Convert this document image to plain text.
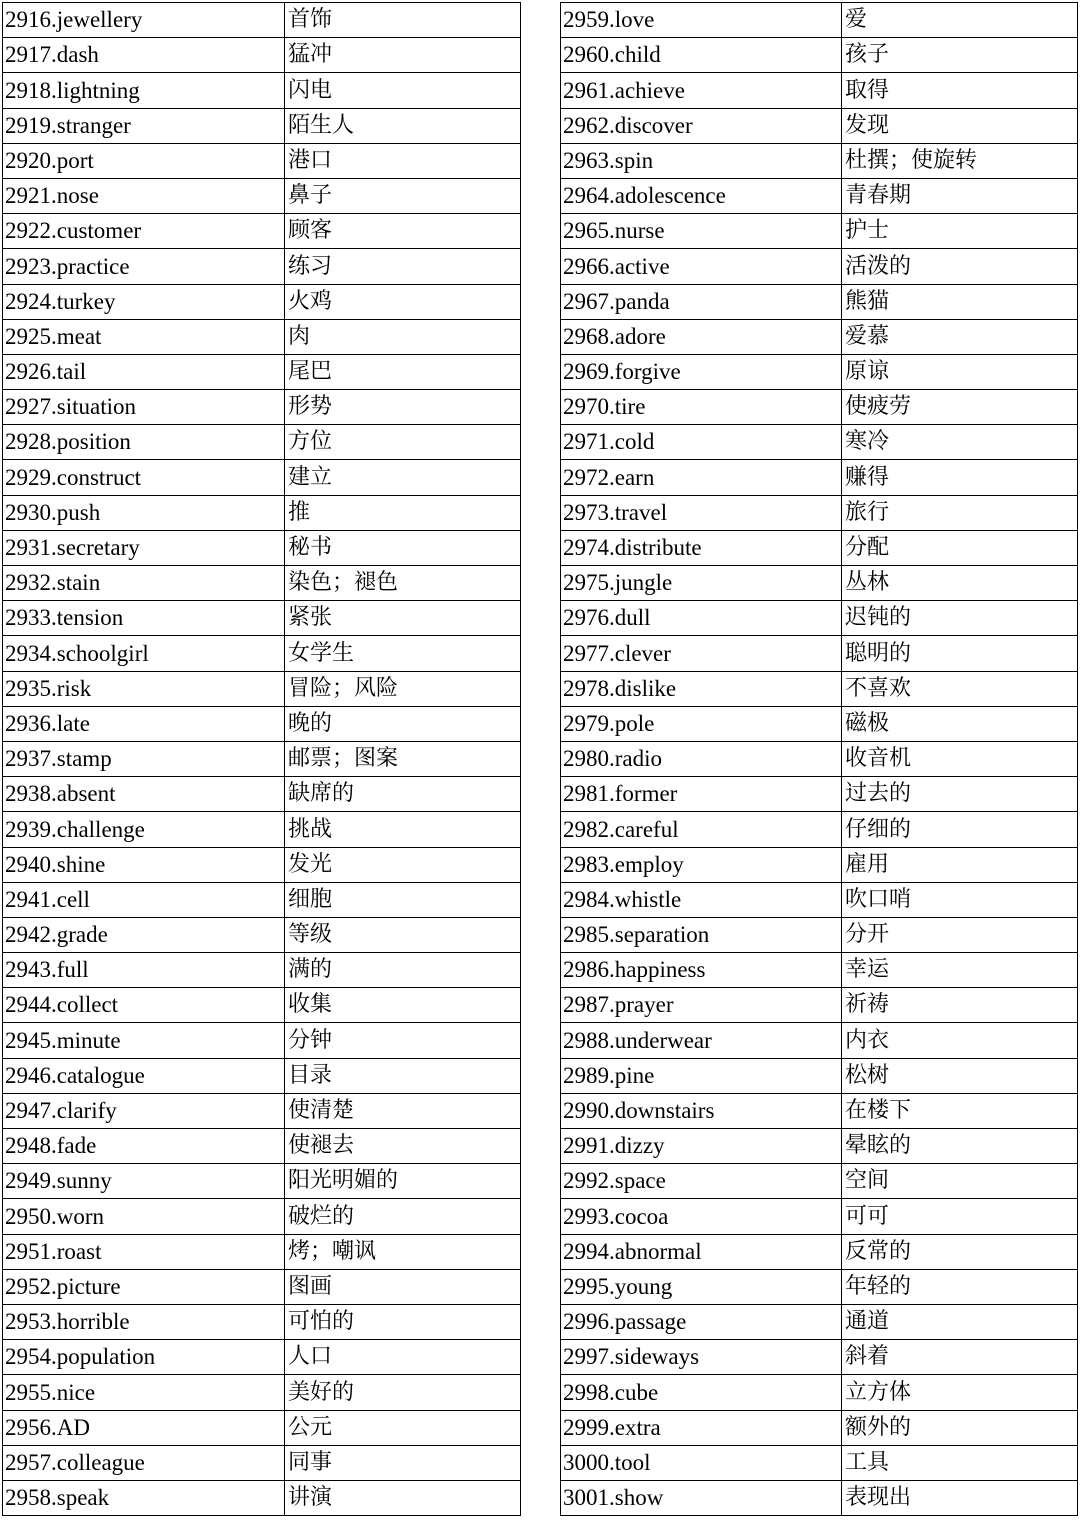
2916.jewellery	首饰
2917.dash	猛冲
2918.lightning	闪电
2919.stranger	陌生人
2920.port	港口
2921.nose	鼻子
2922.customer	顾客
2923.practice	练习
2924.turkey	火鸡
2925.meat	肉
2926.tail	尾巴
2927.situation	形势
2928.position	方位
2929.construct	建立
2930.push	推
2931.secretary	秘书
2932.stain	染色；褪色
2933.tension	紧张
2934.schoolgirl	女学生
2935.risk	冒险；风险
2936.late	晚的
2937.stamp	邮票；图案
2938.absent	缺席的
2939.challenge	挑战
2940.shine	发光
2941.cell	细胞
2942.grade	等级
2943.full	满的
2944.collect	收集
2945.minute	分钟
2946.catalogue	目录
2947.clarify	使清楚
2948.fade	使褪去
2949.sunny	阳光明媚的
2950.worn	破烂的
2951.roast	烤；嘲讽
2952.picture	图画
2953.horrible	可怕的
2954.population	人口
2955.nice	美好的
2956.AD	公元
2957.colleague	同事
2958.speak	讲演
2959.love	爱
2960.child	孩子
2961.achieve	取得
2962.discover	发现
2963.spin	杜撰；使旋转
2964.adolescence	青春期
2965.nurse	护士
2966.active	活泼的
2967.panda	熊猫
2968.adore	爱慕
2969.forgive	原谅
2970.tire	使疲劳
2971.cold	寒冷
2972.earn	赚得
2973.travel	旅行
2974.distribute	分配
2975.jungle	丛林
2976.dull	迟钝的
2977.clever	聪明的
2978.dislike	不喜欢
2979.pole	磁极
2980.radio	收音机
2981.former	过去的
2982.careful	仔细的
2983.employ	雇用
2984.whistle	吹口哨
2985.separation	分开
2986.happiness	幸运
2987.prayer	祈祷
2988.underwear	内衣
2989.pine	松树
2990.downstairs	在楼下
2991.dizzy	晕眩的
2992.space	空间
2993.cocoa	可可
2994.abnormal	反常的
2995.young	年轻的
2996.passage	通道
2997.sideways	斜着
2998.cube	立方体
2999.extra	额外的
3000.tool	工具
3001.show	表现出
